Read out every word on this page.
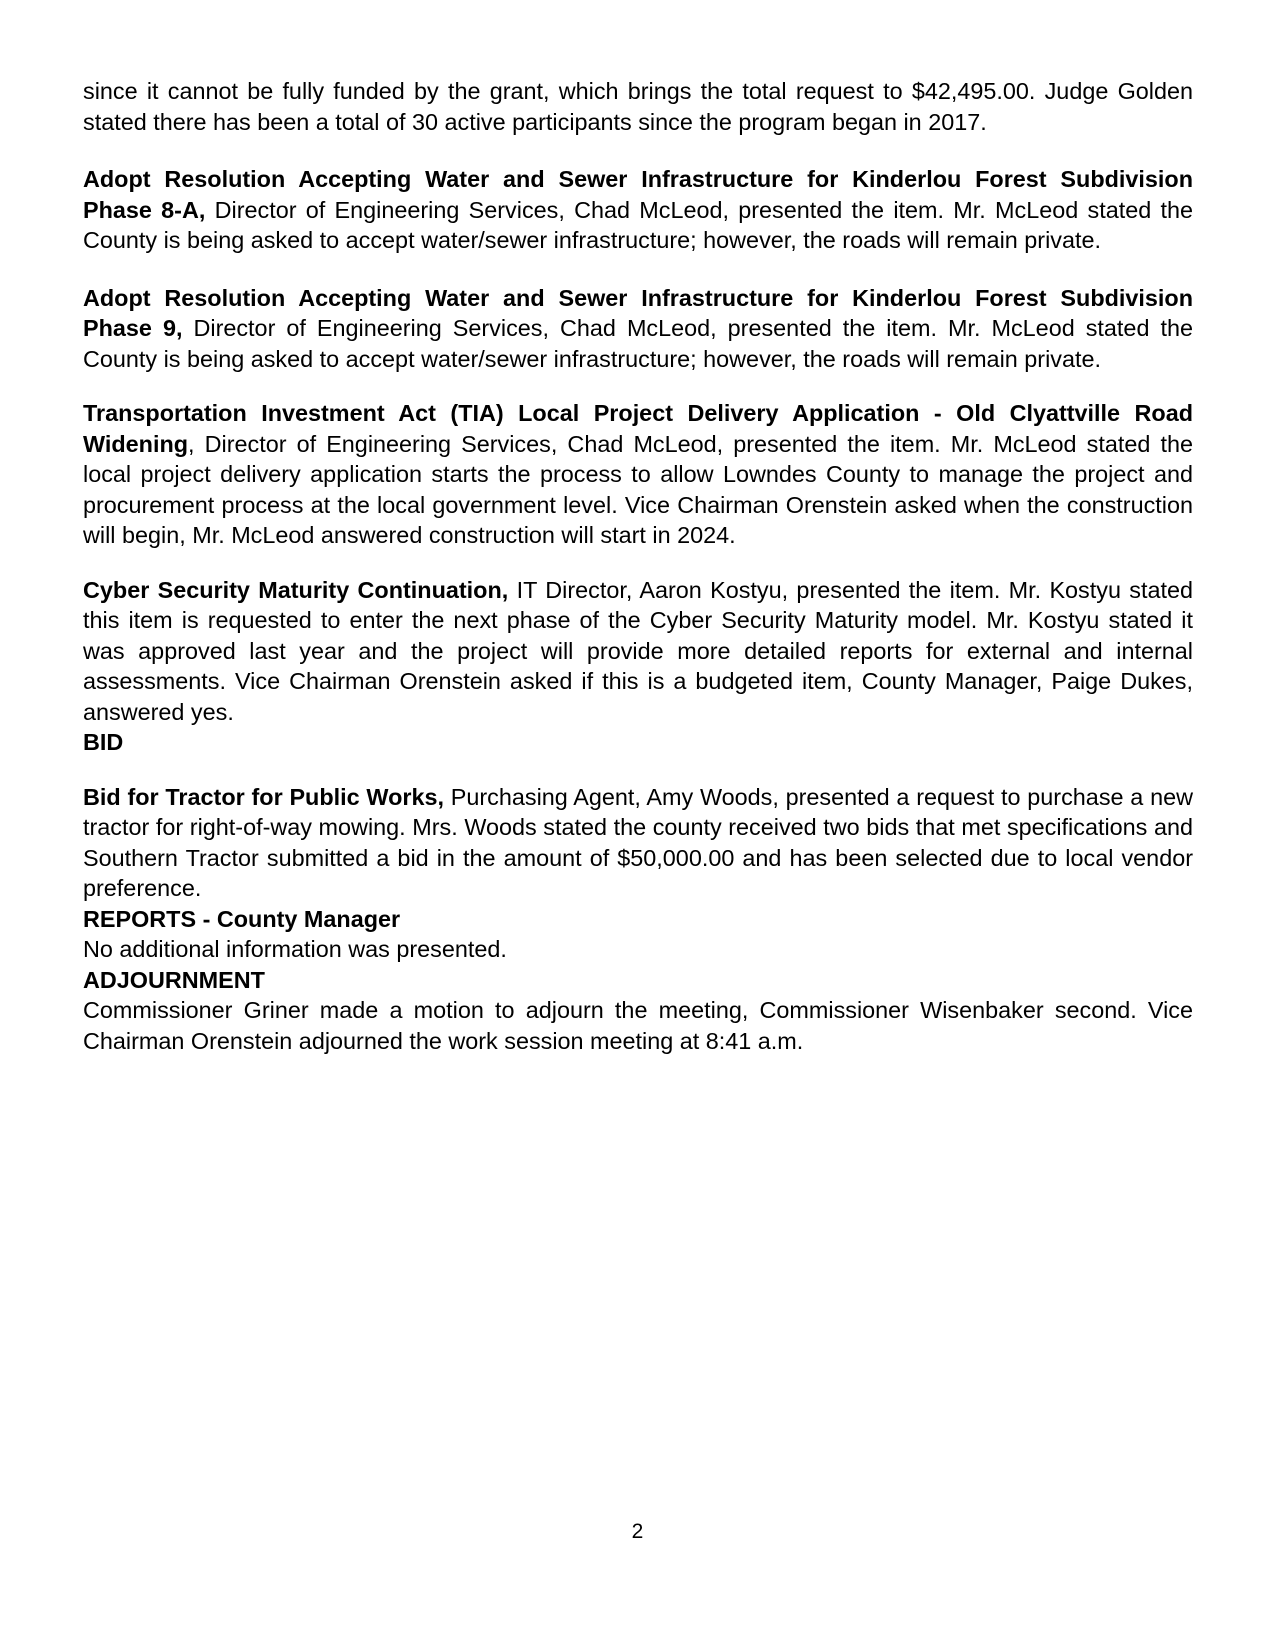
since it cannot be fully funded by the grant, which brings the total request to $42,495.00. Judge Golden stated there has been a total of 30 active participants since the program began in 2017.

Adopt Resolution Accepting Water and Sewer Infrastructure for Kinderlou Forest Subdivision Phase 8-A, Director of Engineering Services, Chad McLeod, presented the item. Mr. McLeod stated the County is being asked to accept water/sewer infrastructure; however, the roads will remain private.

Adopt Resolution Accepting Water and Sewer Infrastructure for Kinderlou Forest Subdivision Phase 9, Director of Engineering Services, Chad McLeod, presented the item. Mr. McLeod stated the County is being asked to accept water/sewer infrastructure; however, the roads will remain private.

Transportation Investment Act (TIA) Local Project Delivery Application - Old Clyattville Road Widening, Director of Engineering Services, Chad McLeod, presented the item. Mr. McLeod stated the local project delivery application starts the process to allow Lowndes County to manage the project and procurement process at the local government level. Vice Chairman Orenstein asked when the construction will begin, Mr. McLeod answered construction will start in 2024.

Cyber Security Maturity Continuation, IT Director, Aaron Kostyu, presented the item. Mr. Kostyu stated this item is requested to enter the next phase of the Cyber Security Maturity model. Mr. Kostyu stated it was approved last year and the project will provide more detailed reports for external and internal assessments. Vice Chairman Orenstein asked if this is a budgeted item, County Manager, Paige Dukes, answered yes.

BID

Bid for Tractor for Public Works, Purchasing Agent, Amy Woods, presented a request to purchase a new tractor for right-of-way mowing. Mrs. Woods stated the county received two bids that met specifications and Southern Tractor submitted a bid in the amount of $50,000.00 and has been selected due to local vendor preference.

REPORTS - County Manager

No additional information was presented.

ADJOURNMENT

Commissioner Griner made a motion to adjourn the meeting, Commissioner Wisenbaker second. Vice Chairman Orenstein adjourned the work session meeting at 8:41 a.m.

2
